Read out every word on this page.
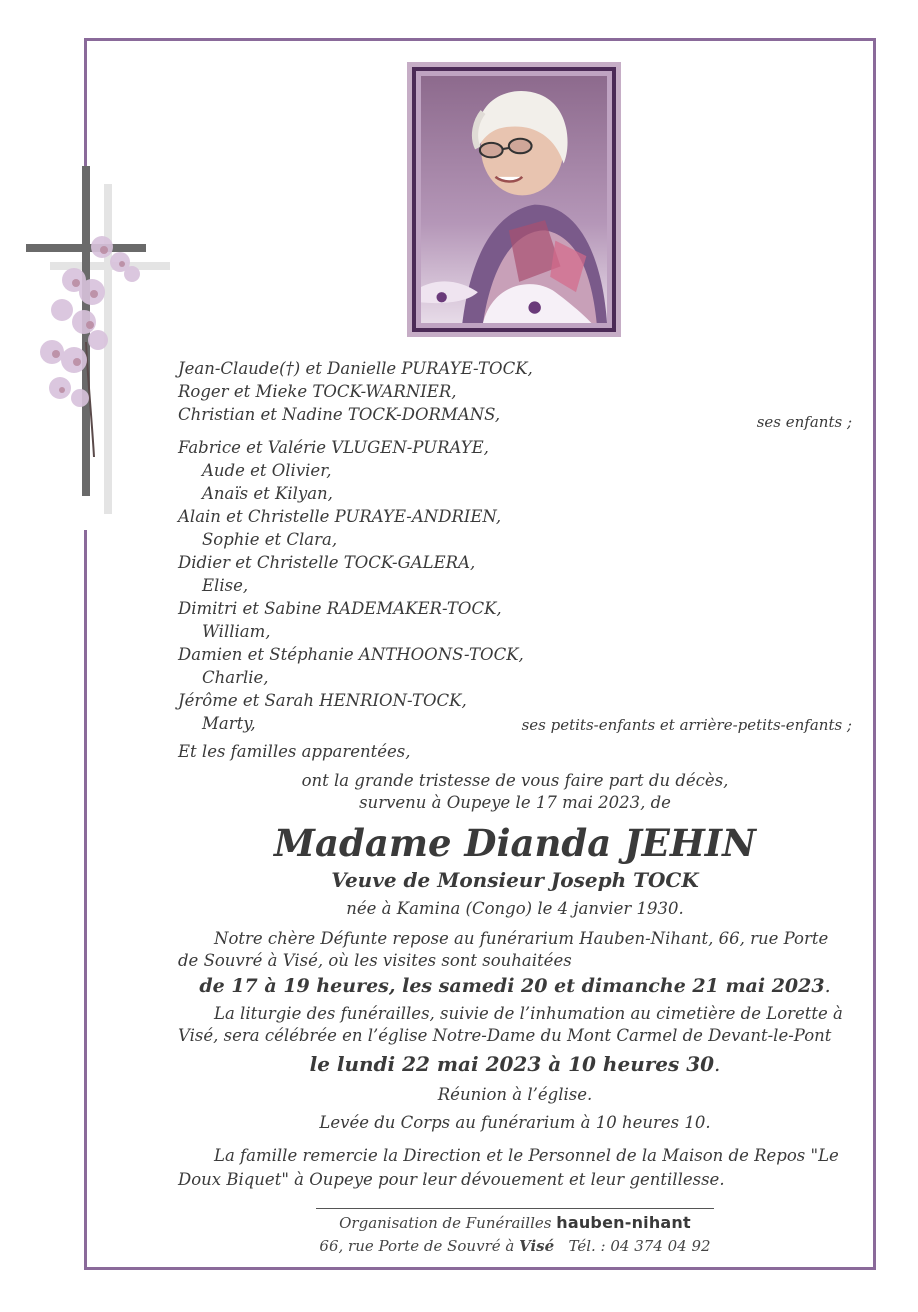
Jean-Claude(†) et Danielle PURAYE-TOCK,
Roger et Mieke TOCK-WARNIER,
Christian et Nadine TOCK-DORMANS,	ses enfants ;
Fabrice et Valérie VLUGEN-PURAYE,
Aude et Olivier,
Anaïs et Kilyan,
Alain et Christelle PURAYE-ANDRIEN,
Sophie et Clara,
Didier et Christelle TOCK-GALERA,
Elise,
Dimitri et Sabine RADEMAKER-TOCK,
William,
Damien et Stéphanie ANTHOONS-TOCK,
Charlie,
Jérôme et Sarah HENRION-TOCK,
Marty,	ses petits-enfants et arrière-petits-enfants ;
Et les familles apparentées,
ont la grande tristesse de vous faire part du décès,
survenu à Oupeye le 17 mai 2023, de
Madame Dianda JEHIN
Veuve de Monsieur Joseph TOCK
née à Kamina (Congo) le 4 janvier 1930.
Notre chère Défunte repose au funérarium Hauben-Nihant, 66, rue Porte de Souvré à Visé, où les visites sont souhaitées
de 17 à 19 heures, les samedi 20 et dimanche 21 mai 2023.
La liturgie des funérailles, suivie de l’inhumation au cimetière de Lorette à Visé, sera célébrée en l’église Notre-Dame du Mont Carmel de Devant-le-Pont
le lundi 22 mai 2023 à 10 heures 30.
Réunion à l’église.
Levée du Corps au funérarium à 10 heures 10.
La famille remercie la Direction et le Personnel de la Maison de Repos "Le Doux Biquet" à Oupeye pour leur dévouement et leur gentillesse.
Organisation de Funérailles hauben-nihant
66, rue Porte de Souvré à Visé Tél. : 04 374 04 92
